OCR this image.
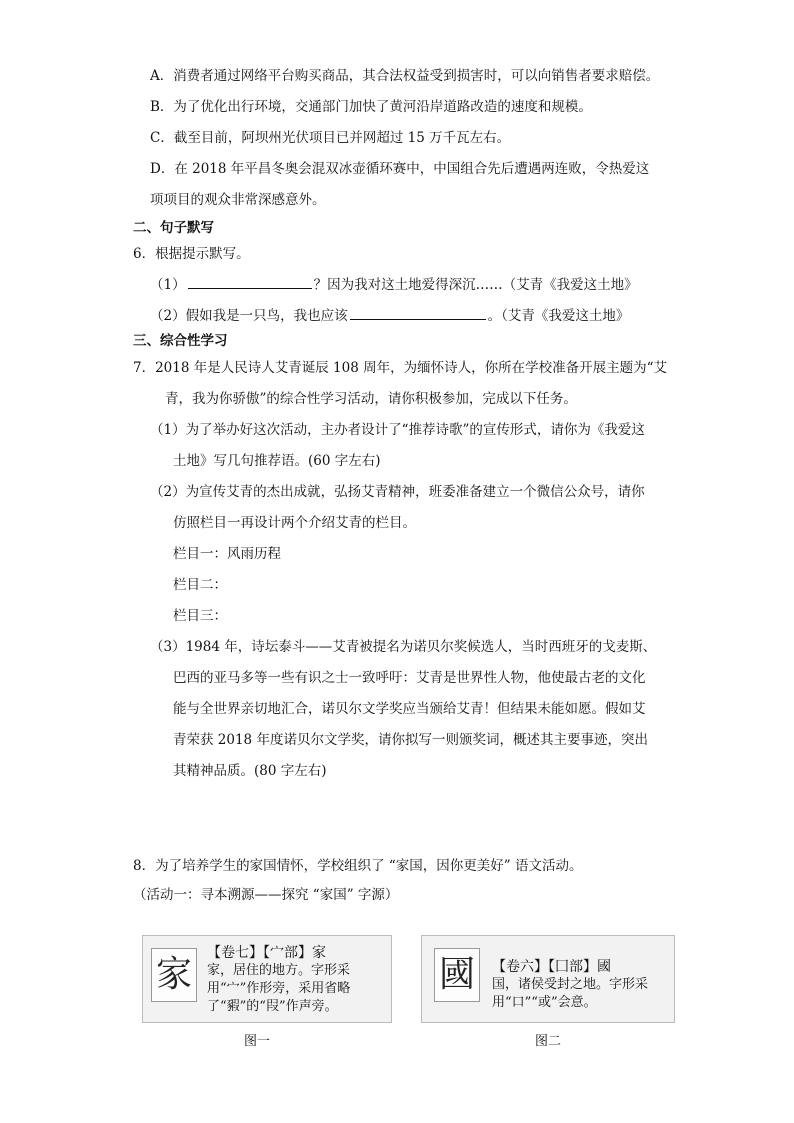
A．消费者通过网络平台购买商品，其合法权益受到损害时，可以向销售者要求赔偿。
B．为了优化出行环境，交通部门加快了黄河沿岸道路改造的速度和规模。
C．截至目前，阿坝州光伏项目已并网超过 15 万千瓦左右。
D．在 2018 年平昌冬奥会混双冰壶循环赛中，中国组合先后遭遇两连败，令热爱这
项项目的观众非常深感意外。
二、句子默写
6．根据提示默写。
（1）	？因为我对这土地爱得深沉……（艾青《我爱这土地》
（2）假如我是一只鸟，我也应该	。（艾青《我爱这土地》
三、综合性学习
7．2018 年是人民诗人艾青诞辰 108 周年，为缅怀诗人，你所在学校准备开展主题为“艾
青，我为你骄傲”的综合性学习活动，请你积极参加，完成以下任务。
（1）为了举办好这次活动，主办者设计了“推荐诗歌”的宣传形式，请你为《我爱这
土地》写几句推荐语。(60 字左右)
（2）为宣传艾青的杰出成就，弘扬艾青精神，班委准备建立一个微信公众号，请你
仿照栏目一再设计两个介绍艾青的栏目。
栏目一：风雨历程
栏目二：
栏目三：
（3）1984 年，诗坛泰斗——艾青被提名为诺贝尔奖候选人，当时西班牙的戈麦斯、
巴西的亚马多等一些有识之士一致呼吁：艾青是世界性人物，他使最古老的文化
能与全世界亲切地汇合，诺贝尔文学奖应当颁给艾青！但结果未能如愿。假如艾
青荣获 2018 年度诺贝尔文学奖，请你拟写一则颁奖词，概述其主要事迹，突出
其精神品质。(80 字左右)
8．为了培养学生的家国情怀，学校组织了 “家国，因你更美好” 语文活动。
（活动一：寻本溯源——探究 “家国” 字源）
家
【卷七】【宀部】家
家，居住的地方。字形采用“宀”作形旁，采用省略了“豭”的“叚”作声旁。
图一
國	【卷六】【囗部】國
国，诸侯受封之地。字形采用“口”“或”会意。
图二
